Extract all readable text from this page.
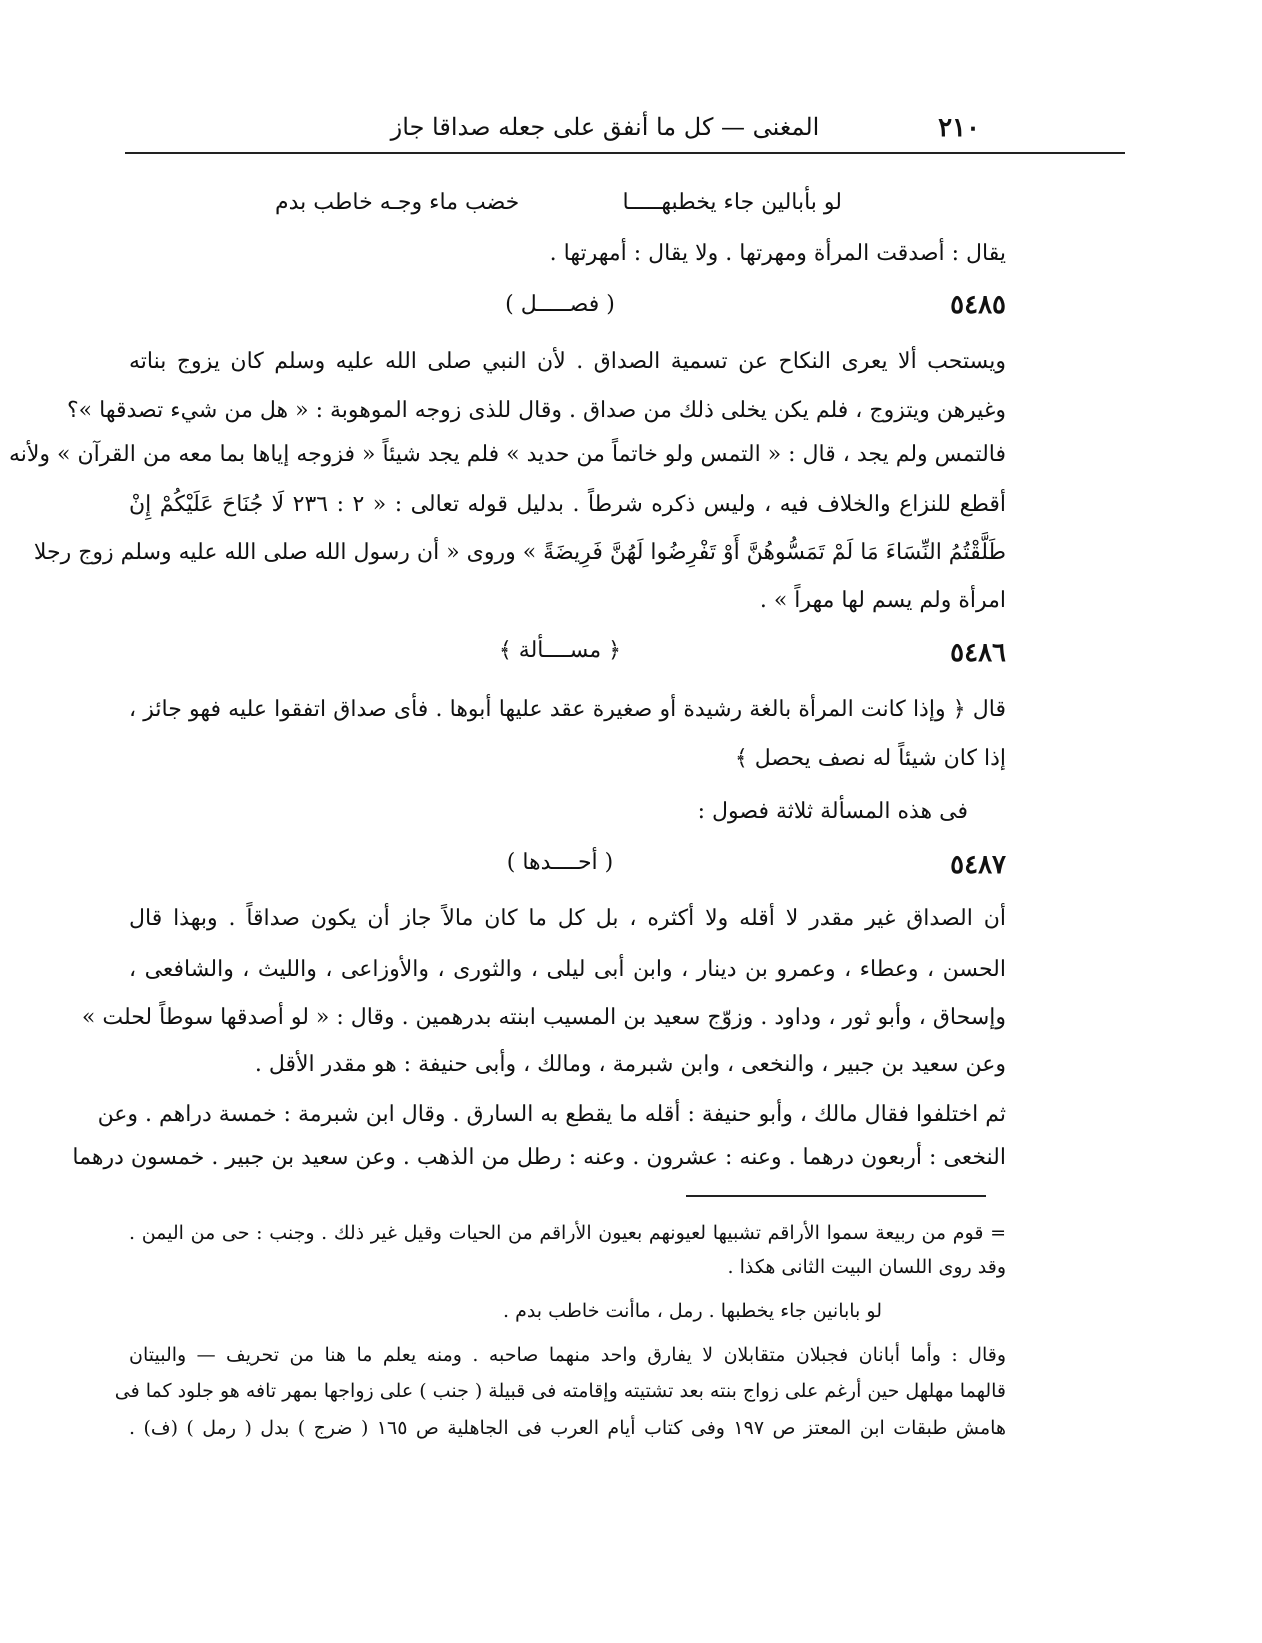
٢١٠
المغنى — كل ما أنفق على جعله صداقا جاز
لو بأبالين جاء يخطبهـــــا
خضب ماء وجـه خاطب بدم
يقال : أصدقت المرأة ومهرتها . ولا يقال : أمهرتها .
٥٤٨٥
( فصـــــل )
ويستحب ألا يعرى النكاح عن تسمية الصداق . لأن النبي صلى الله عليه وسلم كان يزوج بناته
وغيرهن ويتزوج ، فلم يكن يخلى ذلك من صداق . وقال للذى زوجه الموهوبة : « هل من شيء تصدقها »؟
فالتمس ولم يجد ، قال : « التمس ولو خاتماً من حديد » فلم يجد شيئاً « فزوجه إياها بما معه من القرآن » ولأنه
أقطع للنزاع والخلاف فيه ، وليس ذكره شرطاً . بدليل قوله تعالى : « ٢ : ٢٣٦ لَا جُنَاحَ عَلَيْكُمْ إِنْ
طَلَّقْتُمُ النِّسَاءَ مَا لَمْ تَمَسُّوهُنَّ أَوْ تَفْرِضُوا لَهُنَّ فَرِيضَةً » وروى « أن رسول الله صلى الله عليه وسلم زوج رجلا
امرأة ولم يسم لها مهراً » .
٥٤٨٦
﴿ مســــألة ﴾
قال ﴿ وإذا كانت المرأة بالغة رشيدة أو صغيرة عقد عليها أبوها . فأى صداق اتفقوا عليه فهو جائز ،
إذا كان شيئاً له نصف يحصل ﴾
فى هذه المسألة ثلاثة فصول :
٥٤٨٧
( أحــــدها )
أن الصداق غير مقدر لا أقله ولا أكثره ، بل كل ما كان مالاً جاز أن يكون صداقاً . وبهذا قال
الحسن ، وعطاء ، وعمرو بن دينار ، وابن أبى ليلى ، والثورى ، والأوزاعى ، والليث ، والشافعى ،
وإسحاق ، وأبو ثور ، وداود . وزوّج سعيد بن المسيب ابنته بدرهمين . وقال : « لو أصدقها سوطاً لحلت »
وعن سعيد بن جبير ، والنخعى ، وابن شبرمة ، ومالك ، وأبى حنيفة : هو مقدر الأقل .
ثم اختلفوا فقال مالك ، وأبو حنيفة : أقله ما يقطع به السارق . وقال ابن شبرمة : خمسة دراهم . وعن
النخعى : أربعون درهما . وعنه : عشرون . وعنه : رطل من الذهب . وعن سعيد بن جبير . خمسون درهما
= قوم من ربيعة سموا الأراقم تشبيها لعيونهم بعيون الأراقم من الحيات وقيل غير ذلك . وجنب : حى من اليمن .
وقد روى اللسان البيت الثانى هكذا .
لو بابانين جاء يخطبها . رمل ، ماأنت خاطب بدم .
وقال : وأما أبانان فجبلان متقابلان لا يفارق واحد منهما صاحبه . ومنه يعلم ما هنا من تحريف — والبيتان
قالهما مهلهل حين أرغم على زواج بنته بعد تشتيته وإقامته فى قبيلة ( جنب ) على زواجها بمهر تافه هو جلود كما فى
هامش طبقات ابن المعتز ص ١٩٧ وفى كتاب أيام العرب فى الجاهلية ص ١٦٥ ( ضرج ) بدل ( رمل ) (ف) .
